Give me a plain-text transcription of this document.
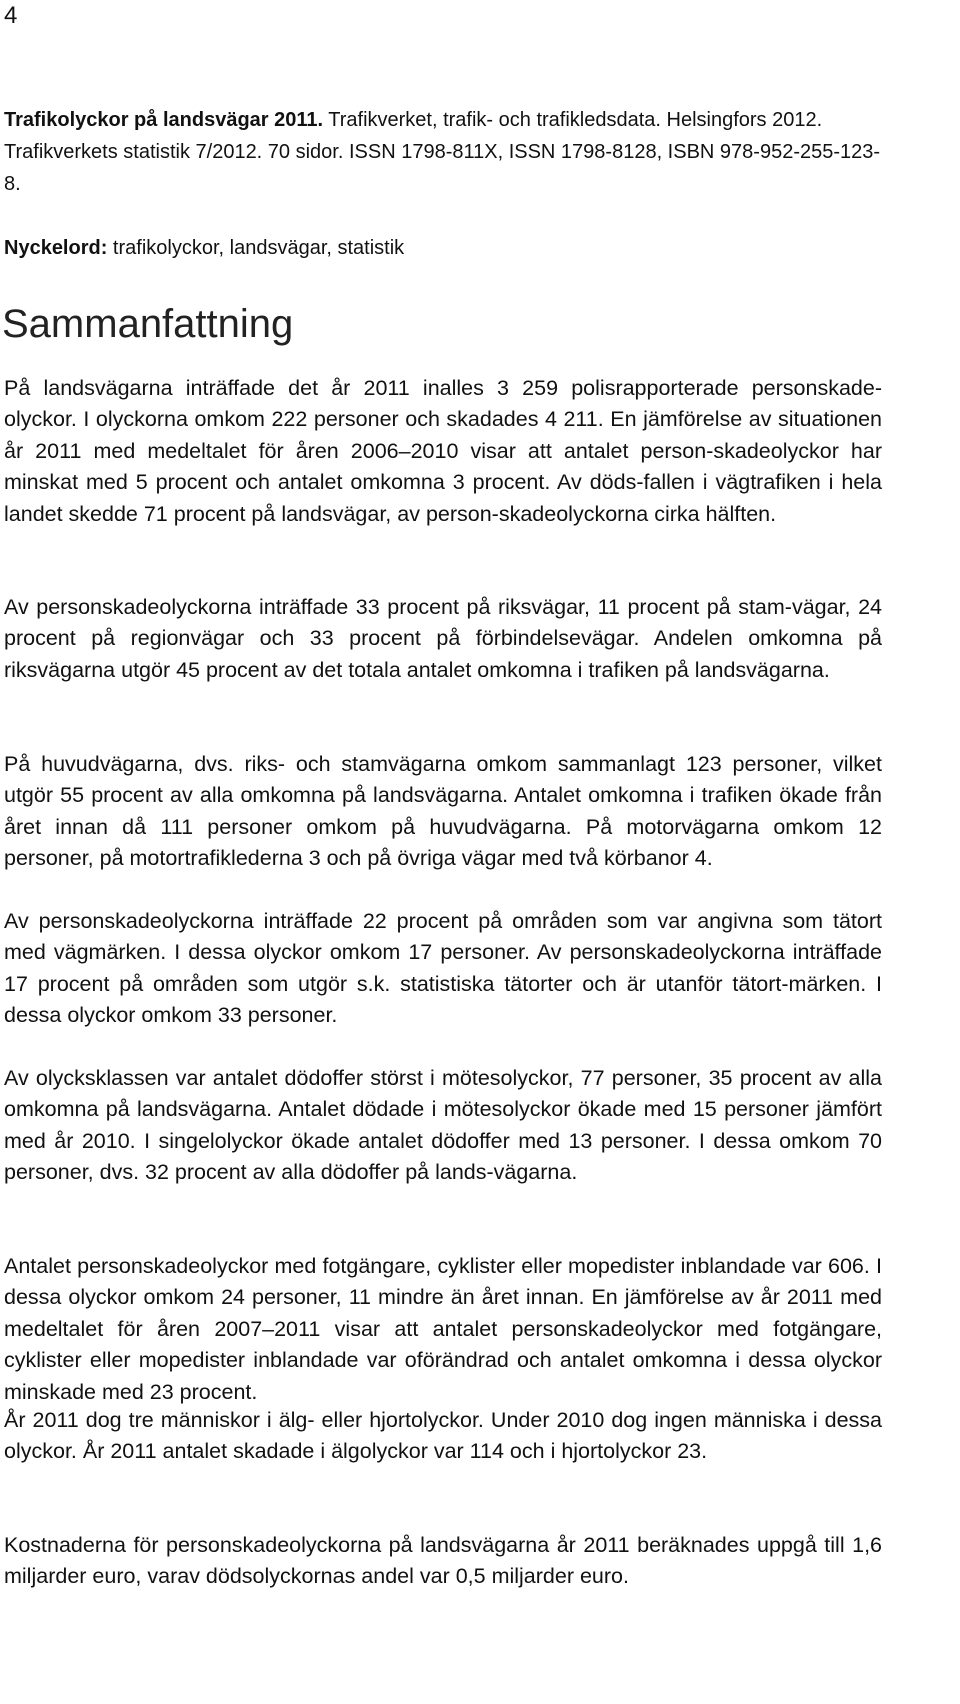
4
Trafikolyckor på landsvägar 2011. Trafikverket, trafik- och trafikledsdata. Helsingfors 2012. Trafikverkets statistik 7/2012. 70 sidor. ISSN 1798-811X, ISSN 1798-8128, ISBN 978-952-255-123-8.
Nyckelord: trafikolyckor, landsvägar, statistik
Sammanfattning

På landsvägarna inträffade det år 2011 inalles 3 259 polisrapporterade personskade-olyckor. I olyckorna omkom 222 personer och skadades 4 211. En jämförelse av situationen år 2011 med medeltalet för åren 2006–2010 visar att antalet person-skadeolyckor har minskat med 5 procent och antalet omkomna 3 procent. Av döds-fallen i vägtrafiken i hela landet skedde 71 procent på landsvägar, av person-skadeolyckorna cirka hälften.

Av personskadeolyckorna inträffade 33 procent på riksvägar, 11 procent på stam-vägar, 24 procent på regionvägar och 33 procent på förbindelsevägar. Andelen omkomna på riksvägarna utgör 45 procent av det totala antalet omkomna i trafiken på landsvägarna.

På huvudvägarna, dvs. riks- och stamvägarna omkom sammanlagt 123 personer, vilket utgör 55 procent av alla omkomna på landsvägarna. Antalet omkomna i trafiken ökade från året innan då 111 personer omkom på huvudvägarna. På motorvägarna omkom 12 personer, på motortrafiklederna 3 och på övriga vägar med två körbanor 4.

Av personskadeolyckorna inträffade 22 procent på områden som var angivna som tätort med vägmärken. I dessa olyckor omkom 17 personer. Av personskadeolyckorna inträffade 17 procent på områden som utgör s.k. statistiska tätorter och är utanför tätort-märken. I dessa olyckor omkom 33 personer.

Av olycksklassen var antalet dödoffer störst i mötesolyckor, 77 personer, 35 procent av alla omkomna på landsvägarna. Antalet dödade i mötesolyckor ökade med 15 personer jämfört med år 2010. I singelolyckor ökade antalet dödoffer med 13 personer. I dessa omkom 70 personer, dvs. 32 procent av alla dödoffer på lands-vägarna.

Antalet personskadeolyckor med fotgängare, cyklister eller mopedister inblandade var 606. I dessa olyckor omkom 24 personer, 11 mindre än året innan. En jämförelse av år 2011 med medeltalet för åren 2007–2011 visar att antalet personskadeolyckor med fotgängare, cyklister eller mopedister inblandade var oförändrad och antalet omkomna i dessa olyckor minskade med 23 procent.

År 2011 dog tre människor i älg- eller hjortolyckor. Under 2010 dog ingen människa i dessa olyckor. År 2011 antalet skadade i älgolyckor var 114 och i hjortolyckor 23.

Kostnaderna för personskadeolyckorna på landsvägarna år 2011 beräknades uppgå till 1,6 miljarder euro, varav dödsolyckornas andel var 0,5 miljarder euro.
